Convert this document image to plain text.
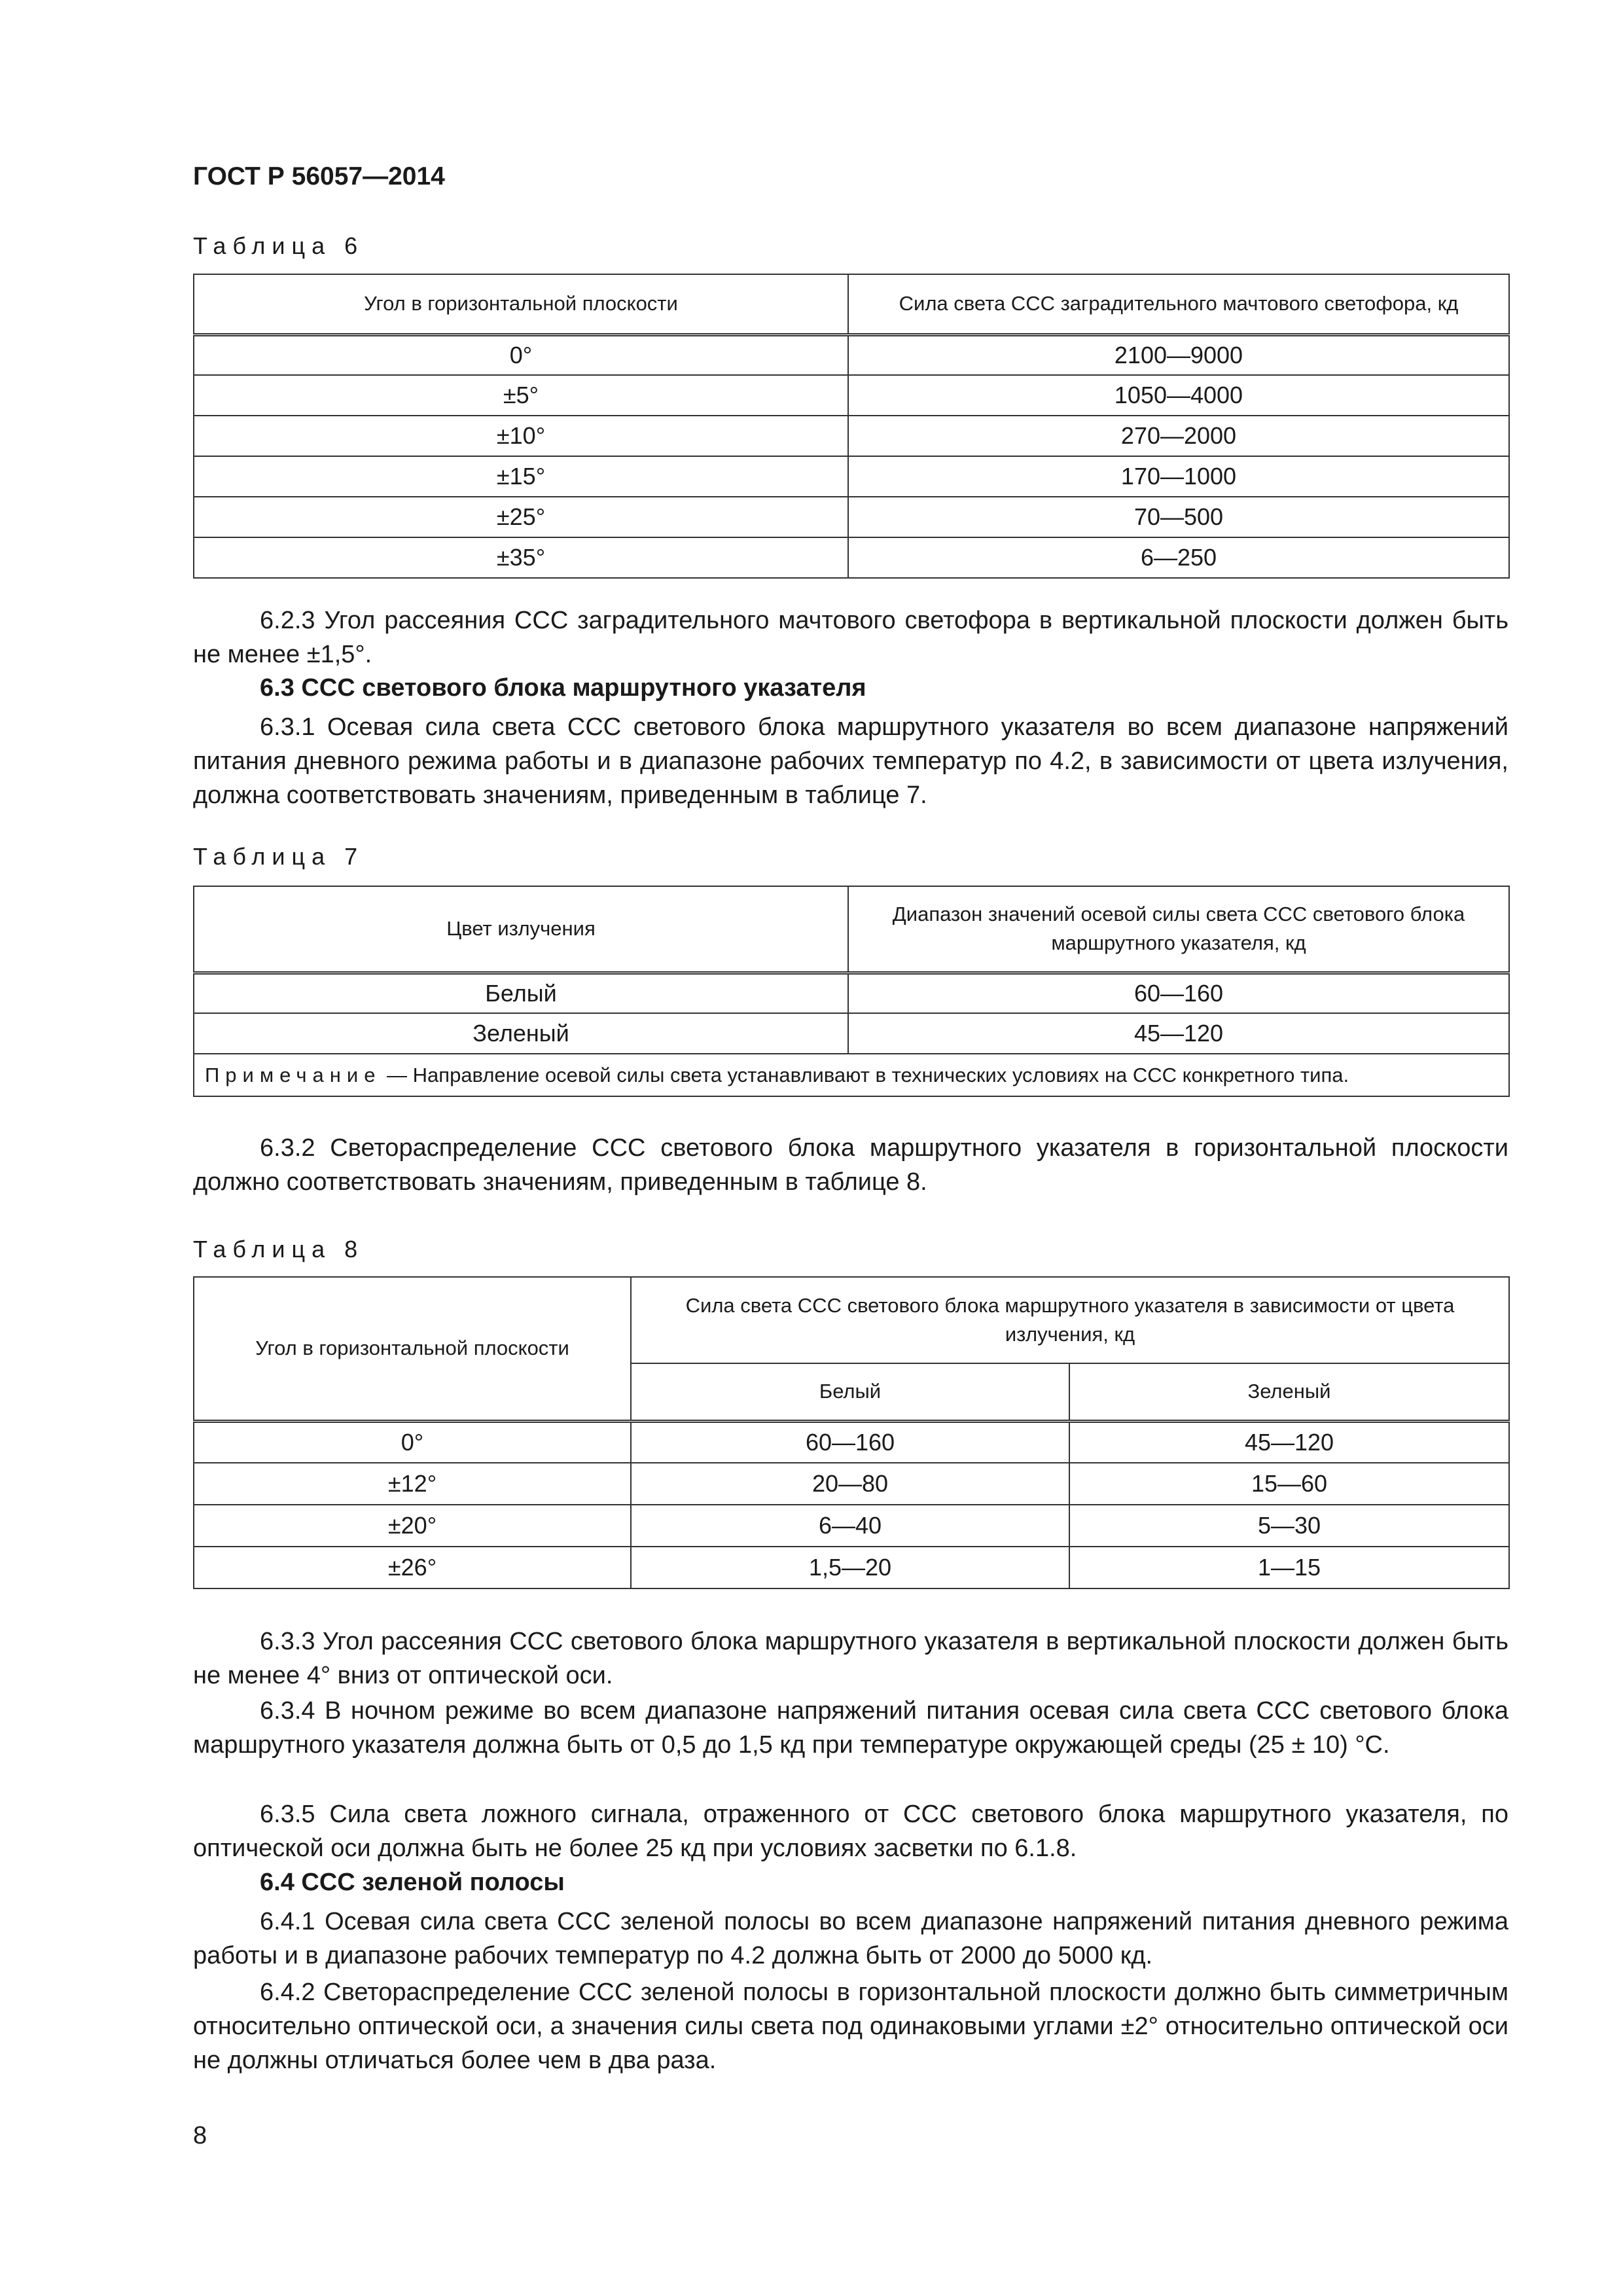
ГОСТ Р 56057—2014
Таблица 6
Угол в горизонтальной плоскости	Сила света ССС заградительного мачтового светофора, кд
0°	2100—9000
±5°	1050—4000
±10°	270—2000
±15°	170—1000
±25°	70—500
±35°	6—250
6.2.3 Угол рассеяния ССС заградительного мачтового светофора в вертикальной плоскости должен быть не менее ±1,5°.
6.3 ССС светового блока маршрутного указателя
6.3.1 Осевая сила света ССС светового блока маршрутного указателя во всем диапазоне напряжений питания дневного режима работы и в диапазоне рабочих температур по 4.2, в зависимости от цвета излучения, должна соответствовать значениям, приведенным в таблице 7.
Таблица 7
Цвет излучения	Диапазон значений осевой силы света ССС светового блока маршрутного указателя, кд
Белый	60—160
Зеленый	45—120
Примечание — Направление осевой силы света устанавливают в технических условиях на ССС конкретного типа.	
6.3.2 Светораспределение ССС светового блока маршрутного указателя в горизонтальной плоскости должно соответствовать значениям, приведенным в таблице 8.
Таблица 8
Угол в горизонтальной плоскости	Сила света ССС светового блока маршрутного указателя в зависимости от цвета излучения, кд	
	Белый	Зеленый
0°	60—160	45—120
±12°	20—80	15—60
±20°	6—40	5—30
±26°	1,5—20	1—15
6.3.3 Угол рассеяния ССС светового блока маршрутного указателя в вертикальной плоскости должен быть не менее 4° вниз от оптической оси.
6.3.4 В ночном режиме во всем диапазоне напряжений питания осевая сила света ССС светового блока маршрутного указателя должна быть от 0,5 до 1,5 кд при температуре окружающей среды (25 ± 10) °С.
6.3.5 Сила света ложного сигнала, отраженного от ССС светового блока маршрутного указателя, по оптической оси должна быть не более 25 кд при условиях засветки по 6.1.8.
6.4 ССС зеленой полосы
6.4.1 Осевая сила света ССС зеленой полосы во всем диапазоне напряжений питания дневного режима работы и в диапазоне рабочих температур по 4.2 должна быть от 2000 до 5000 кд.
6.4.2 Светораспределение ССС зеленой полосы в горизонтальной плоскости должно быть симметричным относительно оптической оси, а значения силы света под одинаковыми углами ±2° относительно оптической оси не должны отличаться более чем в два раза.
8
